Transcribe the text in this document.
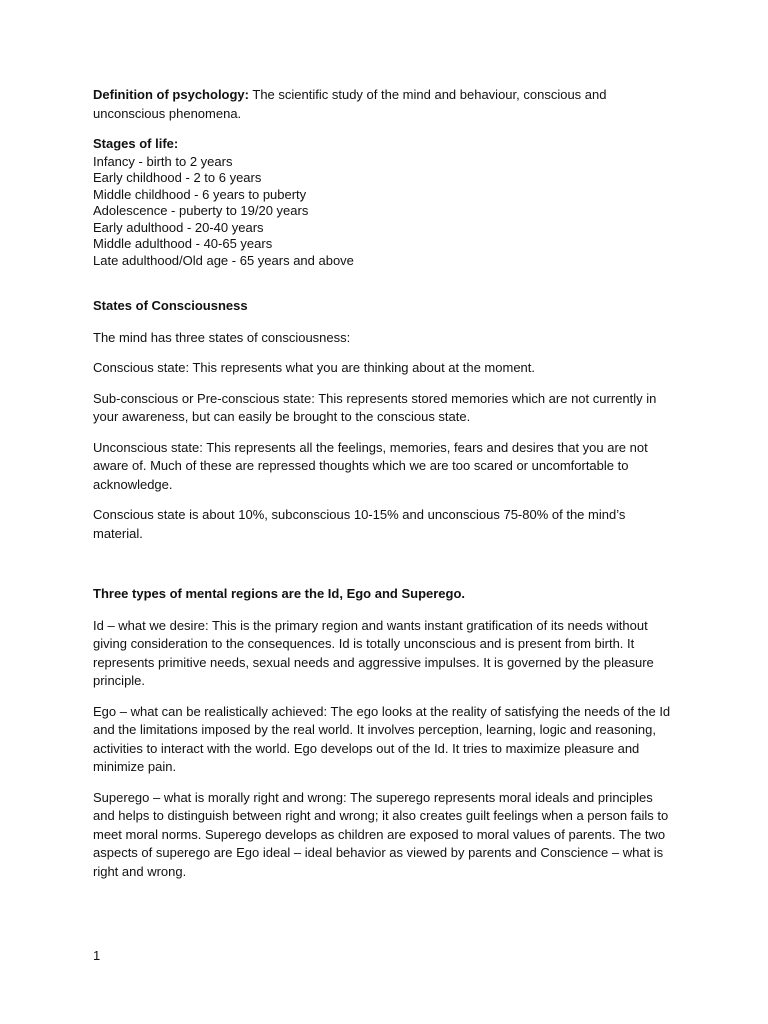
Definition of psychology: The scientific study of the mind and behaviour, conscious and unconscious phenomena.

Stages of life:
Infancy - birth to 2 years
Early childhood - 2 to 6 years
Middle childhood - 6 years to puberty
Adolescence - puberty to 19/20 years
Early adulthood - 20-40 years
Middle adulthood - 40-65 years
Late adulthood/Old age - 65 years and above

States of Consciousness

The mind has three states of consciousness:

Conscious state: This represents what you are thinking about at the moment.

Sub-conscious or Pre-conscious state: This represents stored memories which are not currently in your awareness, but can easily be brought to the conscious state.

Unconscious state: This represents all the feelings, memories, fears and desires that you are not aware of. Much of these are repressed thoughts which we are too scared or uncomfortable to acknowledge.

Conscious state is about 10%, subconscious 10-15% and unconscious 75-80% of the mind’s material.

Three types of mental regions are the Id, Ego and Superego.

Id – what we desire: This is the primary region and wants instant gratification of its needs without giving consideration to the consequences. Id is totally unconscious and is present from birth. It represents primitive needs, sexual needs and aggressive impulses. It is governed by the pleasure principle.

Ego – what can be realistically achieved: The ego looks at the reality of satisfying the needs of the Id and the limitations imposed by the real world. It involves perception, learning, logic and reasoning, activities to interact with the world. Ego develops out of the Id. It tries to maximize pleasure and minimize pain.

Superego – what is morally right and wrong: The superego represents moral ideals and principles and helps to distinguish between right and wrong; it also creates guilt feelings when a person fails to meet moral norms. Superego develops as children are exposed to moral values of parents. The two aspects of superego are Ego ideal – ideal behavior as viewed by parents and Conscience – what is right and wrong.

1
